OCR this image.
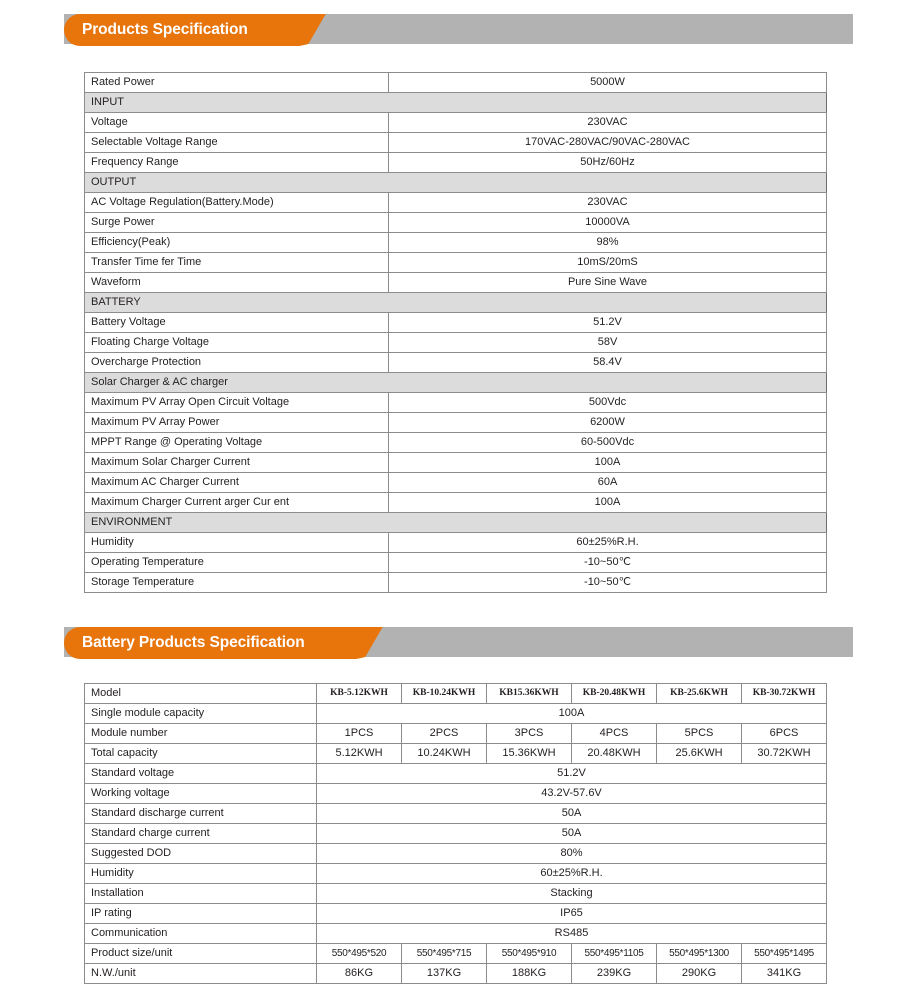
Products Specification
Rated Power	5000W
INPUT	
Voltage	230VAC
Selectable Voltage Range	170VAC-280VAC/90VAC-280VAC
Frequency Range	50Hz/60Hz
OUTPUT	
AC Voltage Regulation(Battery.Mode)	230VAC
Surge Power	10000VA
Efficiency(Peak)	98%
Transfer Time fer Time	10mS/20mS
Waveform	Pure Sine Wave
BATTERY	
Battery Voltage	51.2V
Floating Charge Voltage	58V
Overcharge Protection	58.4V
Solar Charger & AC charger	
Maximum PV Array Open Circuit Voltage	500Vdc
Maximum PV Array Power	6200W
MPPT Range @ Operating Voltage	60-500Vdc
Maximum Solar Charger Current	100A
Maximum AC Charger Current	60A
Maximum Charger Current arger Cur ent	100A
ENVIRONMENT	
Humidity	60±25%R.H.
Operating Temperature	-10~50℃
Storage Temperature	-10~50℃
Battery Products Specification
Model	KB-5.12KWH	KB-10.24KWH	KB15.36KWH	KB-20.48KWH	KB-25.6KWH	KB-30.72KWH
Single module capacity	100A					
Module number	1PCS	2PCS	3PCS	4PCS	5PCS	6PCS
Total capacity	5.12KWH	10.24KWH	15.36KWH	20.48KWH	25.6KWH	30.72KWH
Standard voltage	51.2V					
Working voltage	43.2V-57.6V					
Standard discharge current	50A					
Standard charge current	50A					
Suggested DOD	80%					
Humidity	60±25%R.H.					
Installation	Stacking					
IP rating	IP65					
Communication	RS485					
Product size/unit	550*495*520	550*495*715	550*495*910	550*495*1105	550*495*1300	550*495*1495
N.W./unit	86KG	137KG	188KG	239KG	290KG	341KG
